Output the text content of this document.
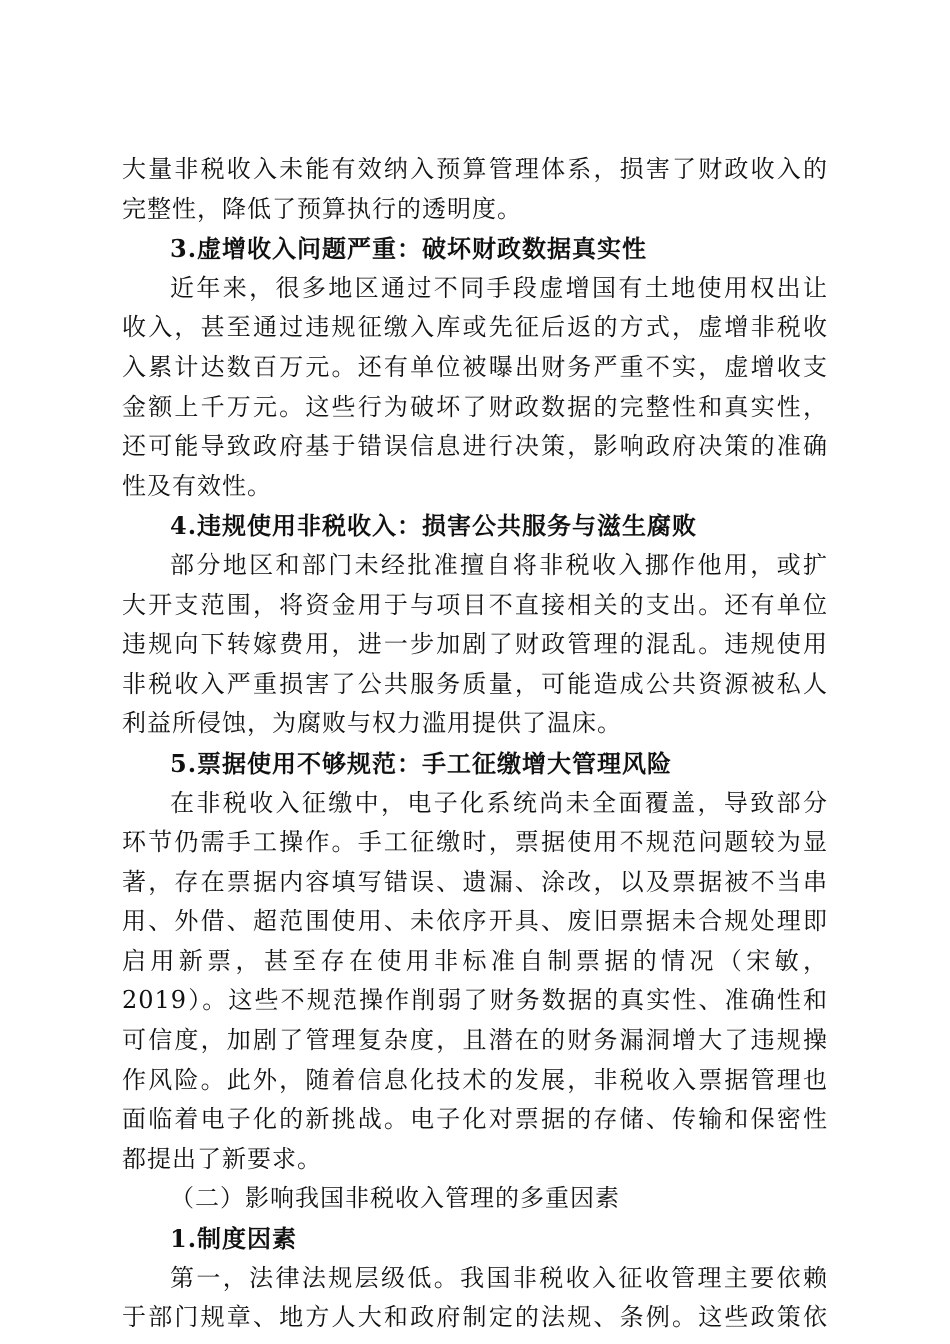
大量非税收入未能有效纳入预算管理体系，损害了财政收入的
完整性，降低了预算执行的透明度。
3.虚增收入问题严重：破坏财政数据真实性
近年来，很多地区通过不同手段虚增国有土地使用权出让
收入，甚至通过违规征缴入库或先征后返的方式，虚增非税收
入累计达数百万元。还有单位被曝出财务严重不实，虚增收支
金额上千万元。这些行为破坏了财政数据的完整性和真实性，
还可能导致政府基于错误信息进行决策，影响政府决策的准确
性及有效性。
4.违规使用非税收入：损害公共服务与滋生腐败
部分地区和部门未经批准擅自将非税收入挪作他用，或扩
大开支范围，将资金用于与项目不直接相关的支出。还有单位
违规向下转嫁费用，进一步加剧了财政管理的混乱。违规使用
非税收入严重损害了公共服务质量，可能造成公共资源被私人
利益所侵蚀，为腐败与权力滥用提供了温床。
5.票据使用不够规范：手工征缴增大管理风险
在非税收入征缴中，电子化系统尚未全面覆盖，导致部分
环节仍需手工操作。手工征缴时，票据使用不规范问题较为显
著，存在票据内容填写错误、遗漏、涂改，以及票据被不当串
用、外借、超范围使用、未依序开具、废旧票据未合规处理即
启用新票，甚至存在使用非标准自制票据的情况（宋敏，
2019）。这些不规范操作削弱了财务数据的真实性、准确性和
可信度，加剧了管理复杂度，且潜在的财务漏洞增大了违规操
作风险。此外，随着信息化技术的发展，非税收入票据管理也
面临着电子化的新挑战。电子化对票据的存储、传输和保密性
都提出了新要求。
（二）影响我国非税收入管理的多重因素
1.制度因素
第一，法律法规层级低。我国非税收入征收管理主要依赖
于部门规章、地方人大和政府制定的法规、条例。这些政策依
